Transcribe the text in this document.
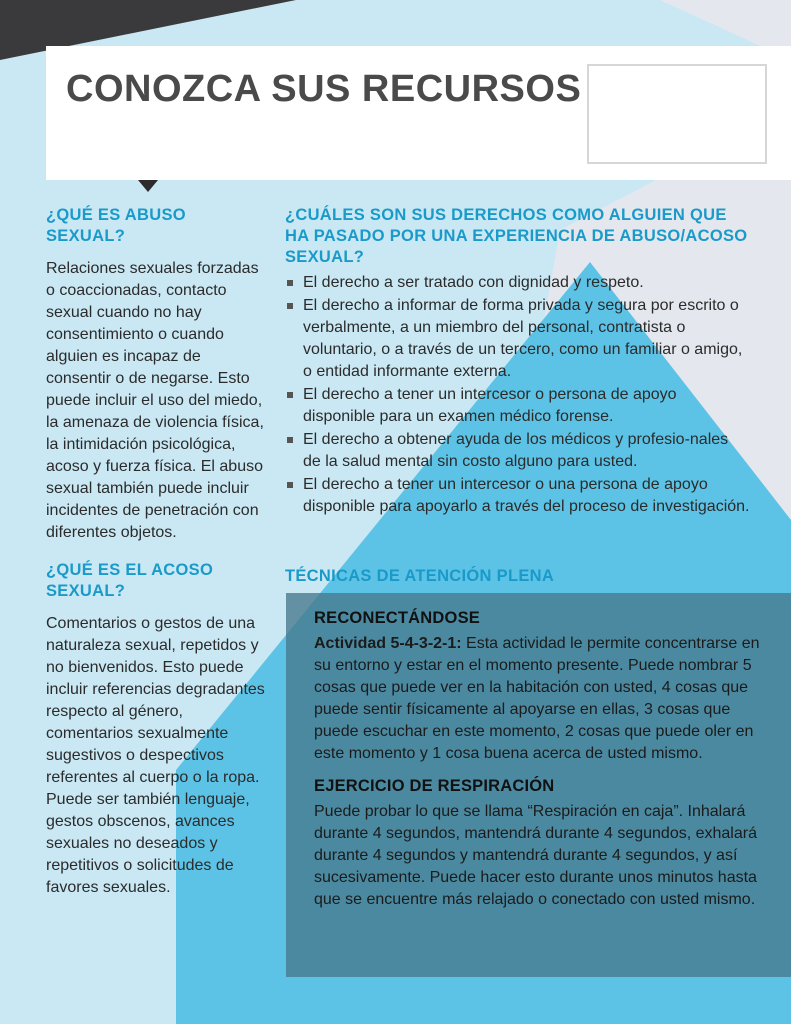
CONOZCA SUS RECURSOS
¿QUÉ ES ABUSO SEXUAL?

Relaciones sexuales forzadas o coaccionadas, contacto sexual cuando no hay consentimiento o cuando alguien es incapaz de consentir o de negarse. Esto puede incluir el uso del miedo, la amenaza de violencia física, la intimidación psicológica, acoso y fuerza física. El abuso sexual también puede incluir incidentes de penetración con diferentes objetos.

¿QUÉ ES EL ACOSO SEXUAL?

Comentarios o gestos de una naturaleza sexual, repetidos y no bienvenidos. Esto puede incluir referencias degradantes respecto al género, comentarios sexualmente sugestivos o despectivos referentes al cuerpo o la ropa. Puede ser también lenguaje, gestos obscenos, avances sexuales no deseados y repetitivos o solicitudes de favores sexuales.

¿CUÁLES SON SUS DERECHOS COMO ALGUIEN QUE HA PASADO POR UNA EXPERIENCIA DE ABUSO/ACOSO SEXUAL?
El derecho a ser tratado con dignidad y respeto.
El derecho a informar de forma privada y segura por escrito o verbalmente, a un miembro del personal, contratista o voluntario, o a través de un tercero, como un familiar o amigo, o entidad informante externa.
El derecho a tener un intercesor o persona de apoyo disponible para un examen médico forense.
El derecho a obtener ayuda de los médicos y profesio-nales de la salud mental sin costo alguno para usted.
El derecho a tener un intercesor o una persona de apoyo disponible para apoyarlo a través del proceso de investigación.
TÉCNICAS DE ATENCIÓN PLENA
RECONECTÁNDOSE

Actividad 5-4-3-2-1: Esta actividad le permite concentrarse en su entorno y estar en el momento presente. Puede nombrar 5 cosas que puede ver en la habitación con usted, 4 cosas que puede sentir físicamente al apoyarse en ellas, 3 cosas que puede escuchar en este momento, 2 cosas que puede oler en este momento y 1 cosa buena acerca de usted mismo.

EJERCICIO DE RESPIRACIÓN

Puede probar lo que se llama “Respiración en caja”. Inhalará durante 4 segundos, mantendrá durante 4 segundos, exhalará durante 4 segundos y mantendrá durante 4 segundos, y así sucesivamente. Puede hacer esto durante unos minutos hasta que se encuentre más relajado o conectado con usted mismo.
